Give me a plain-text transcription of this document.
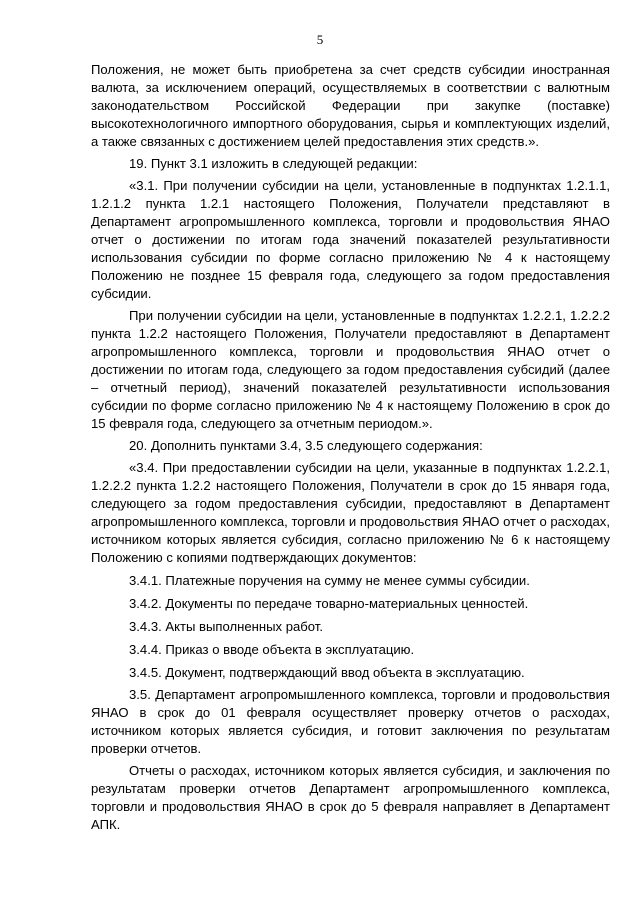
5

Положения, не может быть приобретена за счет средств субсидии иностранная валюта, за исключением операций, осуществляемых в соответствии с валютным законодательством Российской Федерации при закупке (поставке) высокотехнологичного импортного оборудования, сырья и комплектующих изделий, а также связанных с достижением целей предоставления этих средств.».

19. Пункт 3.1 изложить в следующей редакции:

«3.1. При получении субсидии на цели, установленные в подпунктах 1.2.1.1, 1.2.1.2 пункта 1.2.1 настоящего Положения, Получатели представляют в Департамент агропромышленного комплекса, торговли и продовольствия ЯНАО отчет о достижении по итогам года значений показателей результативности использования субсидии по форме согласно приложению № 4 к настоящему Положению не позднее 15 февраля года, следующего за годом предоставления субсидии.

При получении субсидии на цели, установленные в подпунктах 1.2.2.1, 1.2.2.2 пункта 1.2.2 настоящего Положения, Получатели предоставляют в Департамент агропромышленного комплекса, торговли и продовольствия ЯНАО отчет о достижении по итогам года, следующего за годом предоставления субсидий (далее – отчетный период), значений показателей результативности использования субсидии по форме согласно приложению № 4 к настоящему Положению в срок до 15 февраля года, следующего за отчетным периодом.».

20. Дополнить пунктами 3.4, 3.5 следующего содержания:

«3.4. При предоставлении субсидии на цели, указанные в подпунктах 1.2.2.1, 1.2.2.2 пункта 1.2.2 настоящего Положения, Получатели в срок до 15 января года, следующего за годом предоставления субсидии, предоставляют в Департамент агропромышленного комплекса, торговли и продовольствия ЯНАО отчет о расходах, источником которых является субсидия, согласно приложению № 6 к настоящему Положению с копиями подтверждающих документов:

3.4.1. Платежные поручения на сумму не менее суммы субсидии.

3.4.2. Документы по передаче товарно-материальных ценностей.

3.4.3. Акты выполненных работ.

3.4.4. Приказ о вводе объекта в эксплуатацию.

3.4.5. Документ, подтверждающий ввод объекта в эксплуатацию.

3.5. Департамент агропромышленного комплекса, торговли и продовольствия ЯНАО в срок до 01 февраля осуществляет проверку отчетов о расходах, источником которых является субсидия, и готовит заключения по результатам проверки отчетов.

Отчеты о расходах, источником которых является субсидия, и заключения по результатам проверки отчетов Департамент агропромышленного комплекса, торговли и продовольствия ЯНАО в срок до 5 февраля направляет в Департамент АПК.
